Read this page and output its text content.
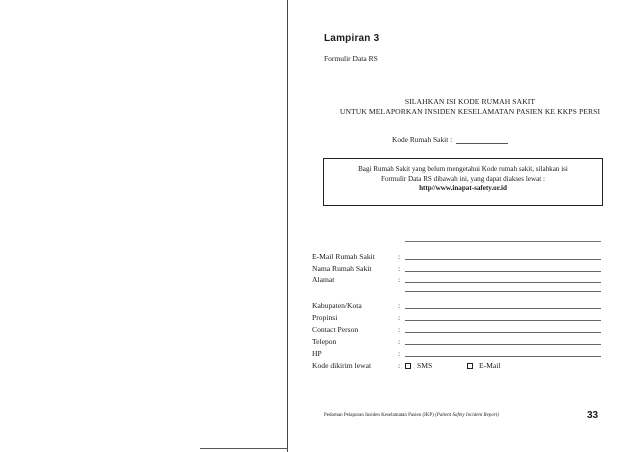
Lampiran 3
Formulir Data RS
SILAHKAN ISI KODE RUMAH SAKIT
UNTUK MELAPORKAN INSIDEN KESELAMATAN PASIEN KE KKPS PERSI
Kode Rumah Sakit :
Bagi Rumah Sakit yang belum mengetahui Kode rumah sakit, silahkan isi
Formulir Data RS dibawah ini, yang dapat diakses lewat :
http//www.inapat-safety.or.id
E-Mail Rumah Sakit	:
Nama Rumah Sakit	:
Alamat	:
Kabupaten/Kota	:
Propinsi	:
Contact Person	:
Telepon	:
HP	:
Kode dikirim lewat	: SMS	E-Mail
Pedoman Pelaporan Insiden Keselamatan Pasien (IKP) (Patient Safety Incident Report)	33
